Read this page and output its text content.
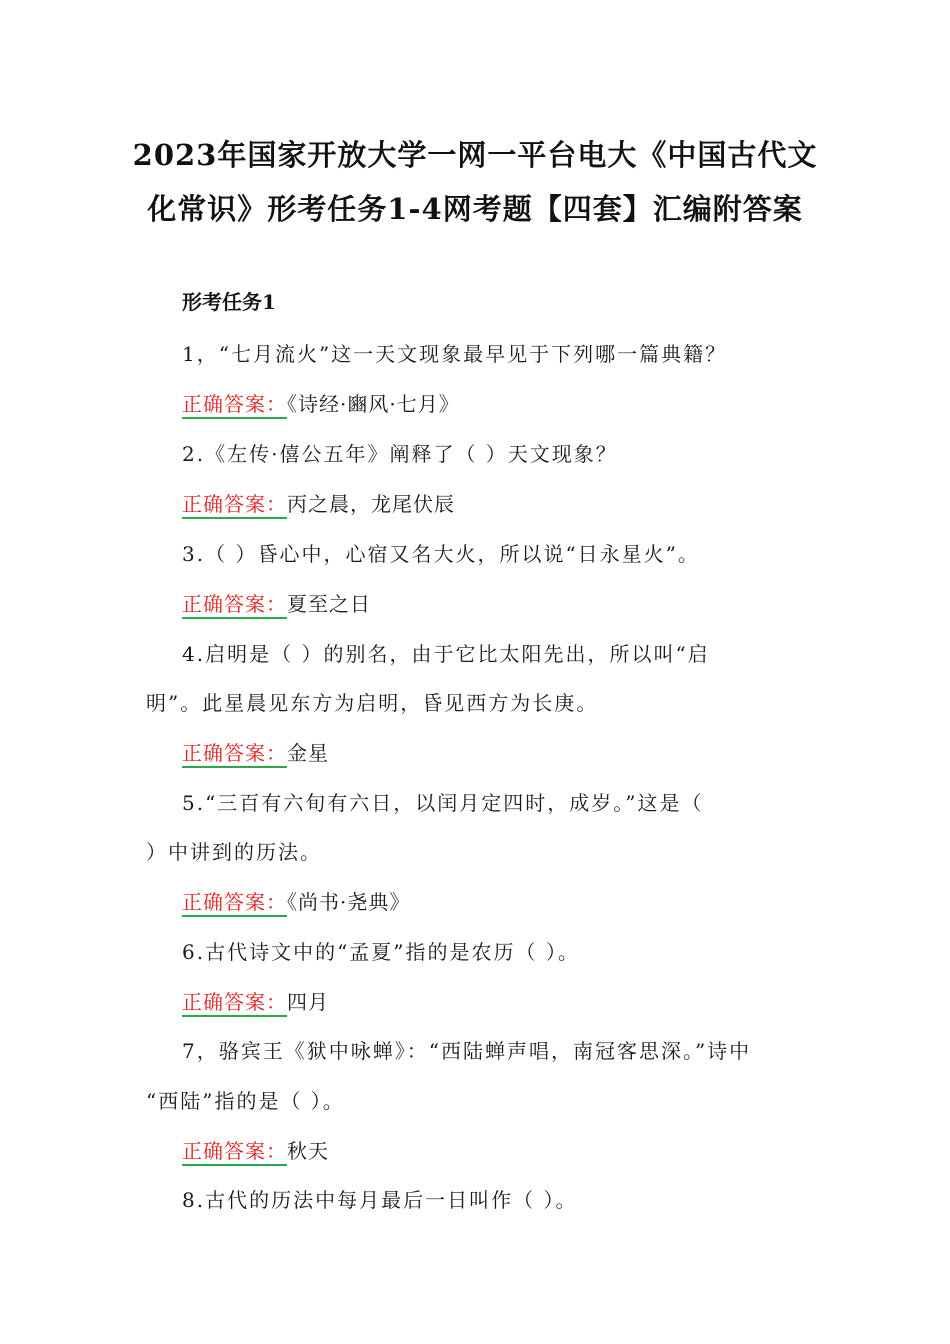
2023年国家开放大学一网一平台电大《中国古代文
化常识》形考任务1-4网考题【四套】汇编附答案
形考任务1
1，“七月流火”这一天文现象最早见于下列哪一篇典籍？
正确答案：《诗经·豳风·七月》
2.《左传·僖公五年》阐释了（ ）天文现象？
正确答案：丙之晨，龙尾伏辰
3.（ ）昏心中，心宿又名大火，所以说“日永星火”。
正确答案：夏至之日
4.启明是（ ）的别名，由于它比太阳先出，所以叫“启
明”。此星晨见东方为启明，昏见西方为长庚。
正确答案：金星
5.“三百有六旬有六日，以闰月定四时，成岁。”这是（
）中讲到的历法。
正确答案：《尚书·尧典》
6.古代诗文中的“孟夏”指的是农历（ ）。
正确答案：四月
7，骆宾王《狱中咏蝉》：“西陆蝉声唱，南冠客思深。”诗中
“西陆”指的是（ ）。
正确答案：秋天
8.古代的历法中每月最后一日叫作（ ）。
